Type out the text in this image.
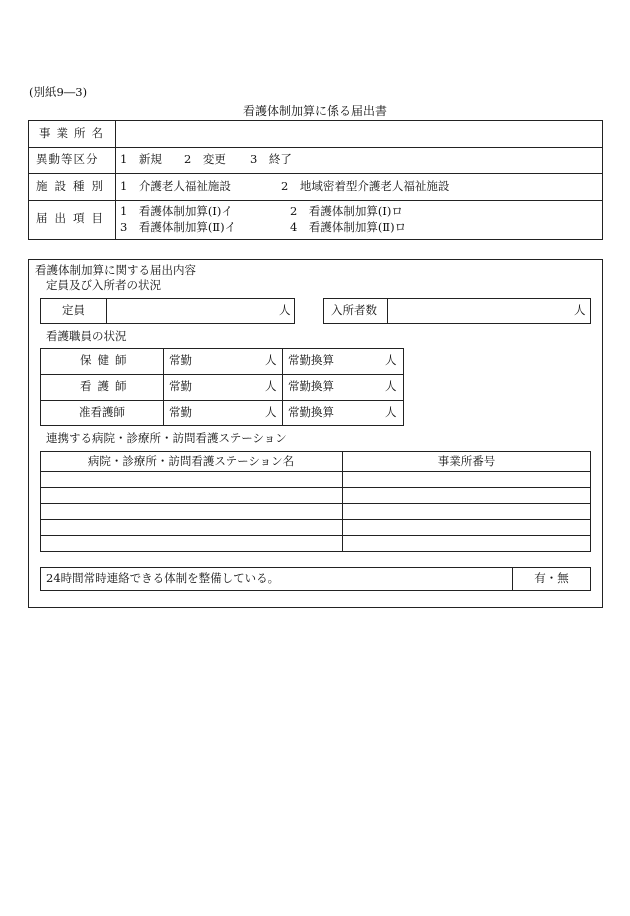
(別紙9―3)
看護体制加算に係る届出書
事業所名
異動等区分 1　新規 2　変更 3　終了
施設種別 1　介護老人福祉施設	2　地域密着型介護老人福祉施設
届出項目 1　看護体制加算(Ⅰ)イ	2　看護体制加算(Ⅰ)ロ
3　看護体制加算(Ⅱ)イ	4　看護体制加算(Ⅱ)ロ
看護体制加算に関する届出内容
定員及び入所者の状況
定員	人	入所者数	人
看護職員の状況
保健師	常勤	人 常勤換算	人
看護師	常勤	人 常勤換算	人
准看護師	常勤	人 常勤換算	人
連携する病院・診療所・訪問看護ステーション
病院・診療所・訪問看護ステーション名	事業所番号
24時間常時連絡できる体制を整備している。	有・無
